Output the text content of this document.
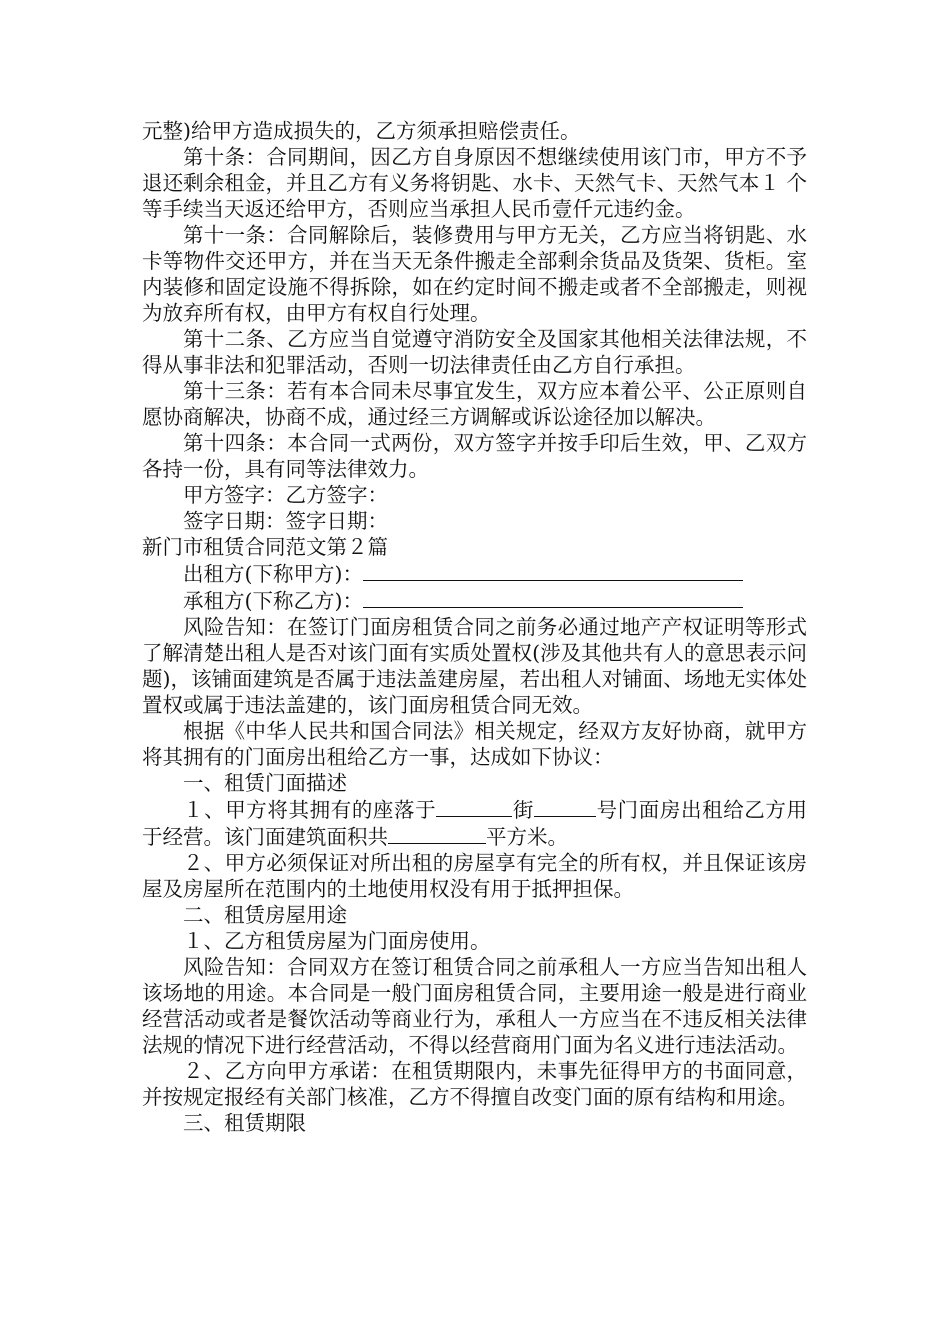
元整)给甲方造成损失的，乙方须承担赔偿责任。

第十条：合同期间，因乙方自身原因不想继续使用该门市，甲方不予退还剩余租金，并且乙方有义务将钥匙、水卡、天然气卡、天然气本１ 个等手续当天返还给甲方，否则应当承担人民币壹仟元违约金。

第十一条：合同解除后，装修费用与甲方无关，乙方应当将钥匙、水卡等物件交还甲方，并在当天无条件搬走全部剩余货品及货架、货柜。室内装修和固定设施不得拆除，如在约定时间不搬走或者不全部搬走，则视为放弃所有权，由甲方有权自行处理。

第十二条、乙方应当自觉遵守消防安全及国家其他相关法律法规，不得从事非法和犯罪活动，否则一切法律责任由乙方自行承担。

第十三条：若有本合同未尽事宜发生，双方应本着公平、公正原则自愿协商解决，协商不成，通过经三方调解或诉讼途径加以解决。

第十四条：本合同一式两份，双方签字并按手印后生效，甲、乙双方各持一份，具有同等法律效力。

甲方签字：乙方签字：

签字日期：签字日期：

新门市租赁合同范文第２篇

出租方(下称甲方)：

承租方(下称乙方)：

风险告知：在签订门面房租赁合同之前务必通过地产产权证明等形式了解清楚出租人是否对该门面有实质处置权(涉及其他共有人的意思表示问题)，该铺面建筑是否属于违法盖建房屋，若出租人对铺面、场地无实体处置权或属于违法盖建的，该门面房租赁合同无效。

根据《中华人民共和国合同法》相关规定，经双方友好协商，就甲方将其拥有的门面房出租给乙方一事，达成如下协议：

一、租赁门面描述

１、甲方将其拥有的座落于	街	号门面房出租给乙方用于经营。该门面建筑面积共	平方米。

２、甲方必须保证对所出租的房屋享有完全的所有权，并且保证该房屋及房屋所在范围内的土地使用权没有用于抵押担保。

二、租赁房屋用途

１、乙方租赁房屋为门面房使用。

风险告知：合同双方在签订租赁合同之前承租人一方应当告知出租人该场地的用途。本合同是一般门面房租赁合同，主要用途一般是进行商业经营活动或者是餐饮活动等商业行为，承租人一方应当在不违反相关法律法规的情况下进行经营活动，不得以经营商用门面为名义进行违法活动。

２、乙方向甲方承诺：在租赁期限内，未事先征得甲方的书面同意，并按规定报经有关部门核准，乙方不得擅自改变门面的原有结构和用途。

三、租赁期限
